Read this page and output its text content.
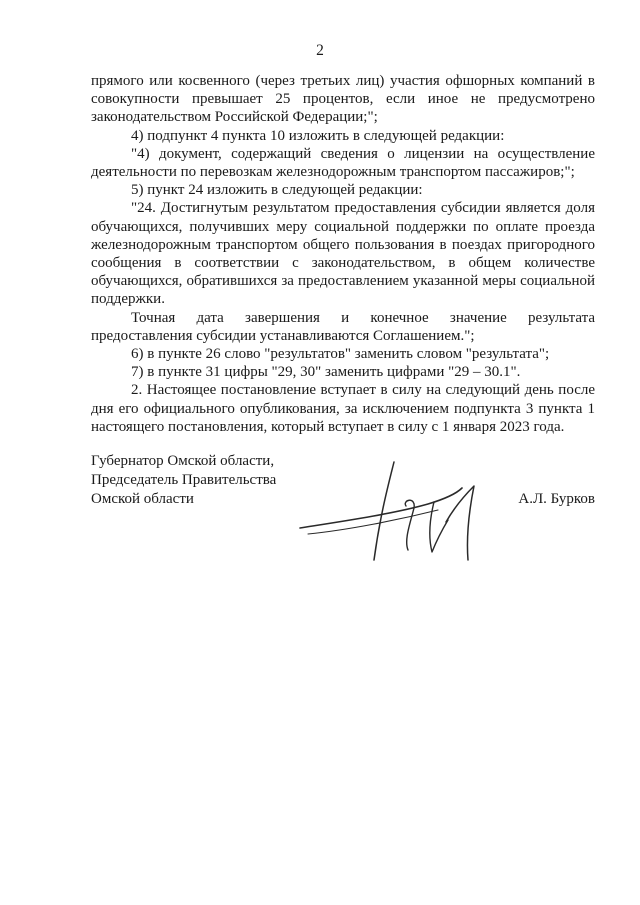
2

прямого или косвенного (через третьих лиц) участия офшорных компаний в совокупности превышает 25 процентов, если иное не предусмотрено законодательством Российской Федерации;";

4) подпункт 4 пункта 10 изложить в следующей редакции:

"4) документ, содержащий сведения о лицензии на осуществление деятельности по перевозкам железнодорожным транспортом пассажиров;";

5) пункт 24 изложить в следующей редакции:

"24. Достигнутым результатом предоставления субсидии является доля обучающихся, получивших меру социальной поддержки по оплате проезда железнодорожным транспортом общего пользования в поездах пригородного сообщения в соответствии с законодательством, в общем количестве обучающихся, обратившихся за предоставлением указанной меры социальной поддержки.

Точная дата завершения и конечное значение результата предоставления субсидии устанавливаются Соглашением.";

6) в пункте 26 слово "результатов" заменить словом "результата";

7) в пункте 31 цифры "29, 30" заменить цифрами "29 – 30.1".

2. Настоящее постановление вступает в силу на следующий день после дня его официального опубликования, за исключением подпункта 3 пункта 1 настоящего постановления, который вступает в силу с 1 января 2023 года.

Губернатор Омской области,
Председатель Правительства
Омской области	А.Л. Бурков
